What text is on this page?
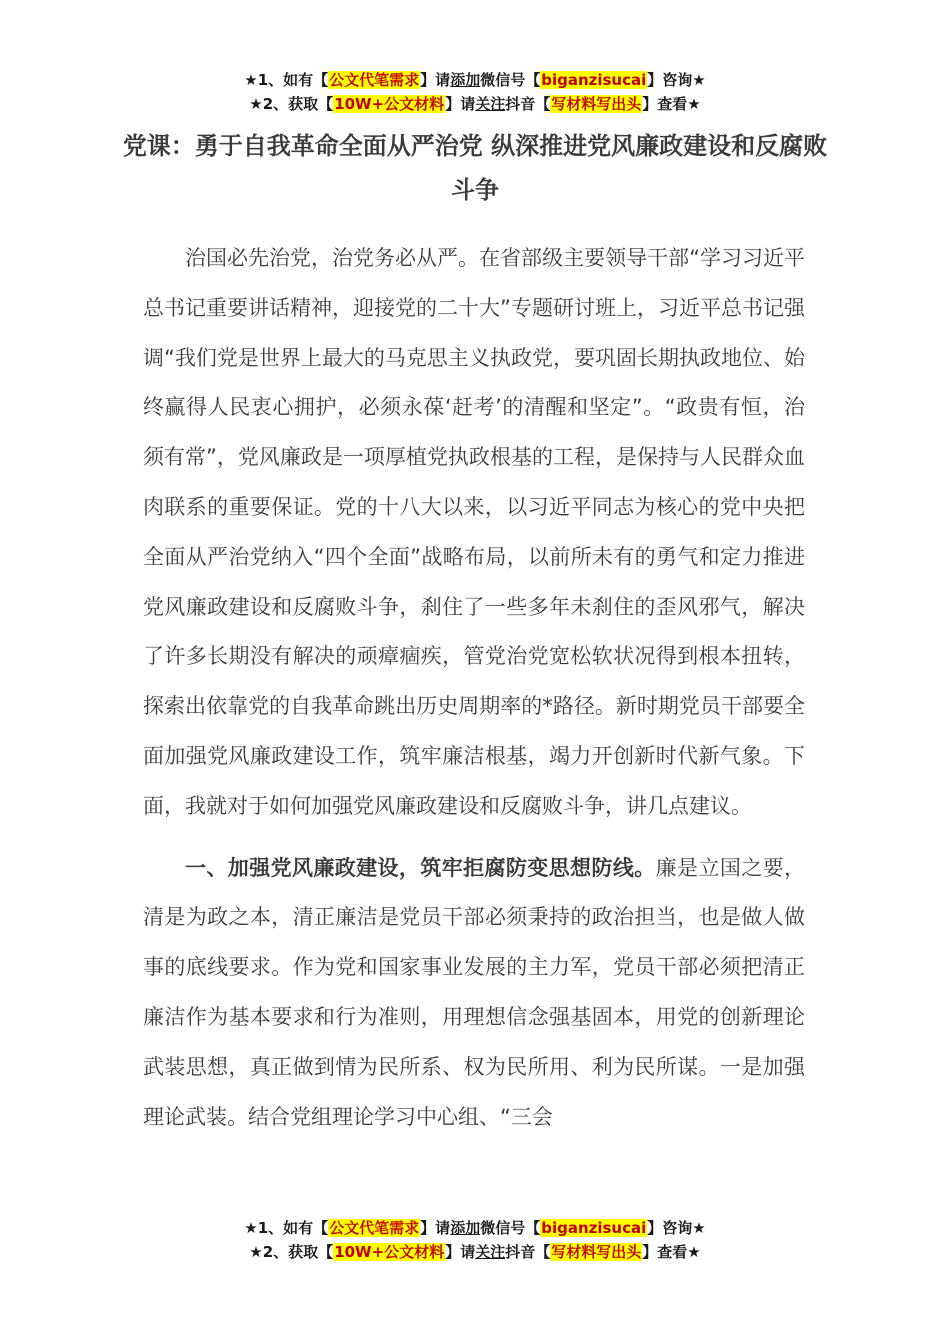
★1、如有【公文代笔需求】请添加微信号【biganzisucai】咨询★
★2、获取【10W+公文材料】请关注抖音【写材料写出头】查看★
党课：勇于自我革命全面从严治党 纵深推进党风廉政建设和反腐败斗争

治国必先治党，治党务必从严。在省部级主要领导干部“学习习近平总书记重要讲话精神，迎接党的二十大”专题研讨班上，习近平总书记强调“我们党是世界上最大的马克思主义执政党，要巩固长期执政地位、始终赢得人民衷心拥护，必须永葆‘赶考’的清醒和坚定”。“政贵有恒，治须有常”，党风廉政是一项厚植党执政根基的工程，是保持与人民群众血肉联系的重要保证。党的十八大以来，以习近平同志为核心的党中央把全面从严治党纳入“四个全面”战略布局，以前所未有的勇气和定力推进党风廉政建设和反腐败斗争，刹住了一些多年未刹住的歪风邪气，解决了许多长期没有解决的顽瘴痼疾，管党治党宽松软状况得到根本扭转，探索出依靠党的自我革命跳出历史周期率的*路径。新时期党员干部要全面加强党风廉政建设工作，筑牢廉洁根基，竭力开创新时代新气象。下面，我就对于如何加强党风廉政建设和反腐败斗争，讲几点建议。

一、加强党风廉政建设，筑牢拒腐防变思想防线。廉是立国之要，清是为政之本，清正廉洁是党员干部必须秉持的政治担当，也是做人做事的底线要求。作为党和国家事业发展的主力军，党员干部必须把清正廉洁作为基本要求和行为准则，用理想信念强基固本，用党的创新理论武装思想，真正做到情为民所系、权为民所用、利为民所谋。一是加强理论武装。结合党组理论学习中心组、“三会

★1、如有【公文代笔需求】请添加微信号【biganzisucai】咨询★
★2、获取【10W+公文材料】请关注抖音【写材料写出头】查看★
